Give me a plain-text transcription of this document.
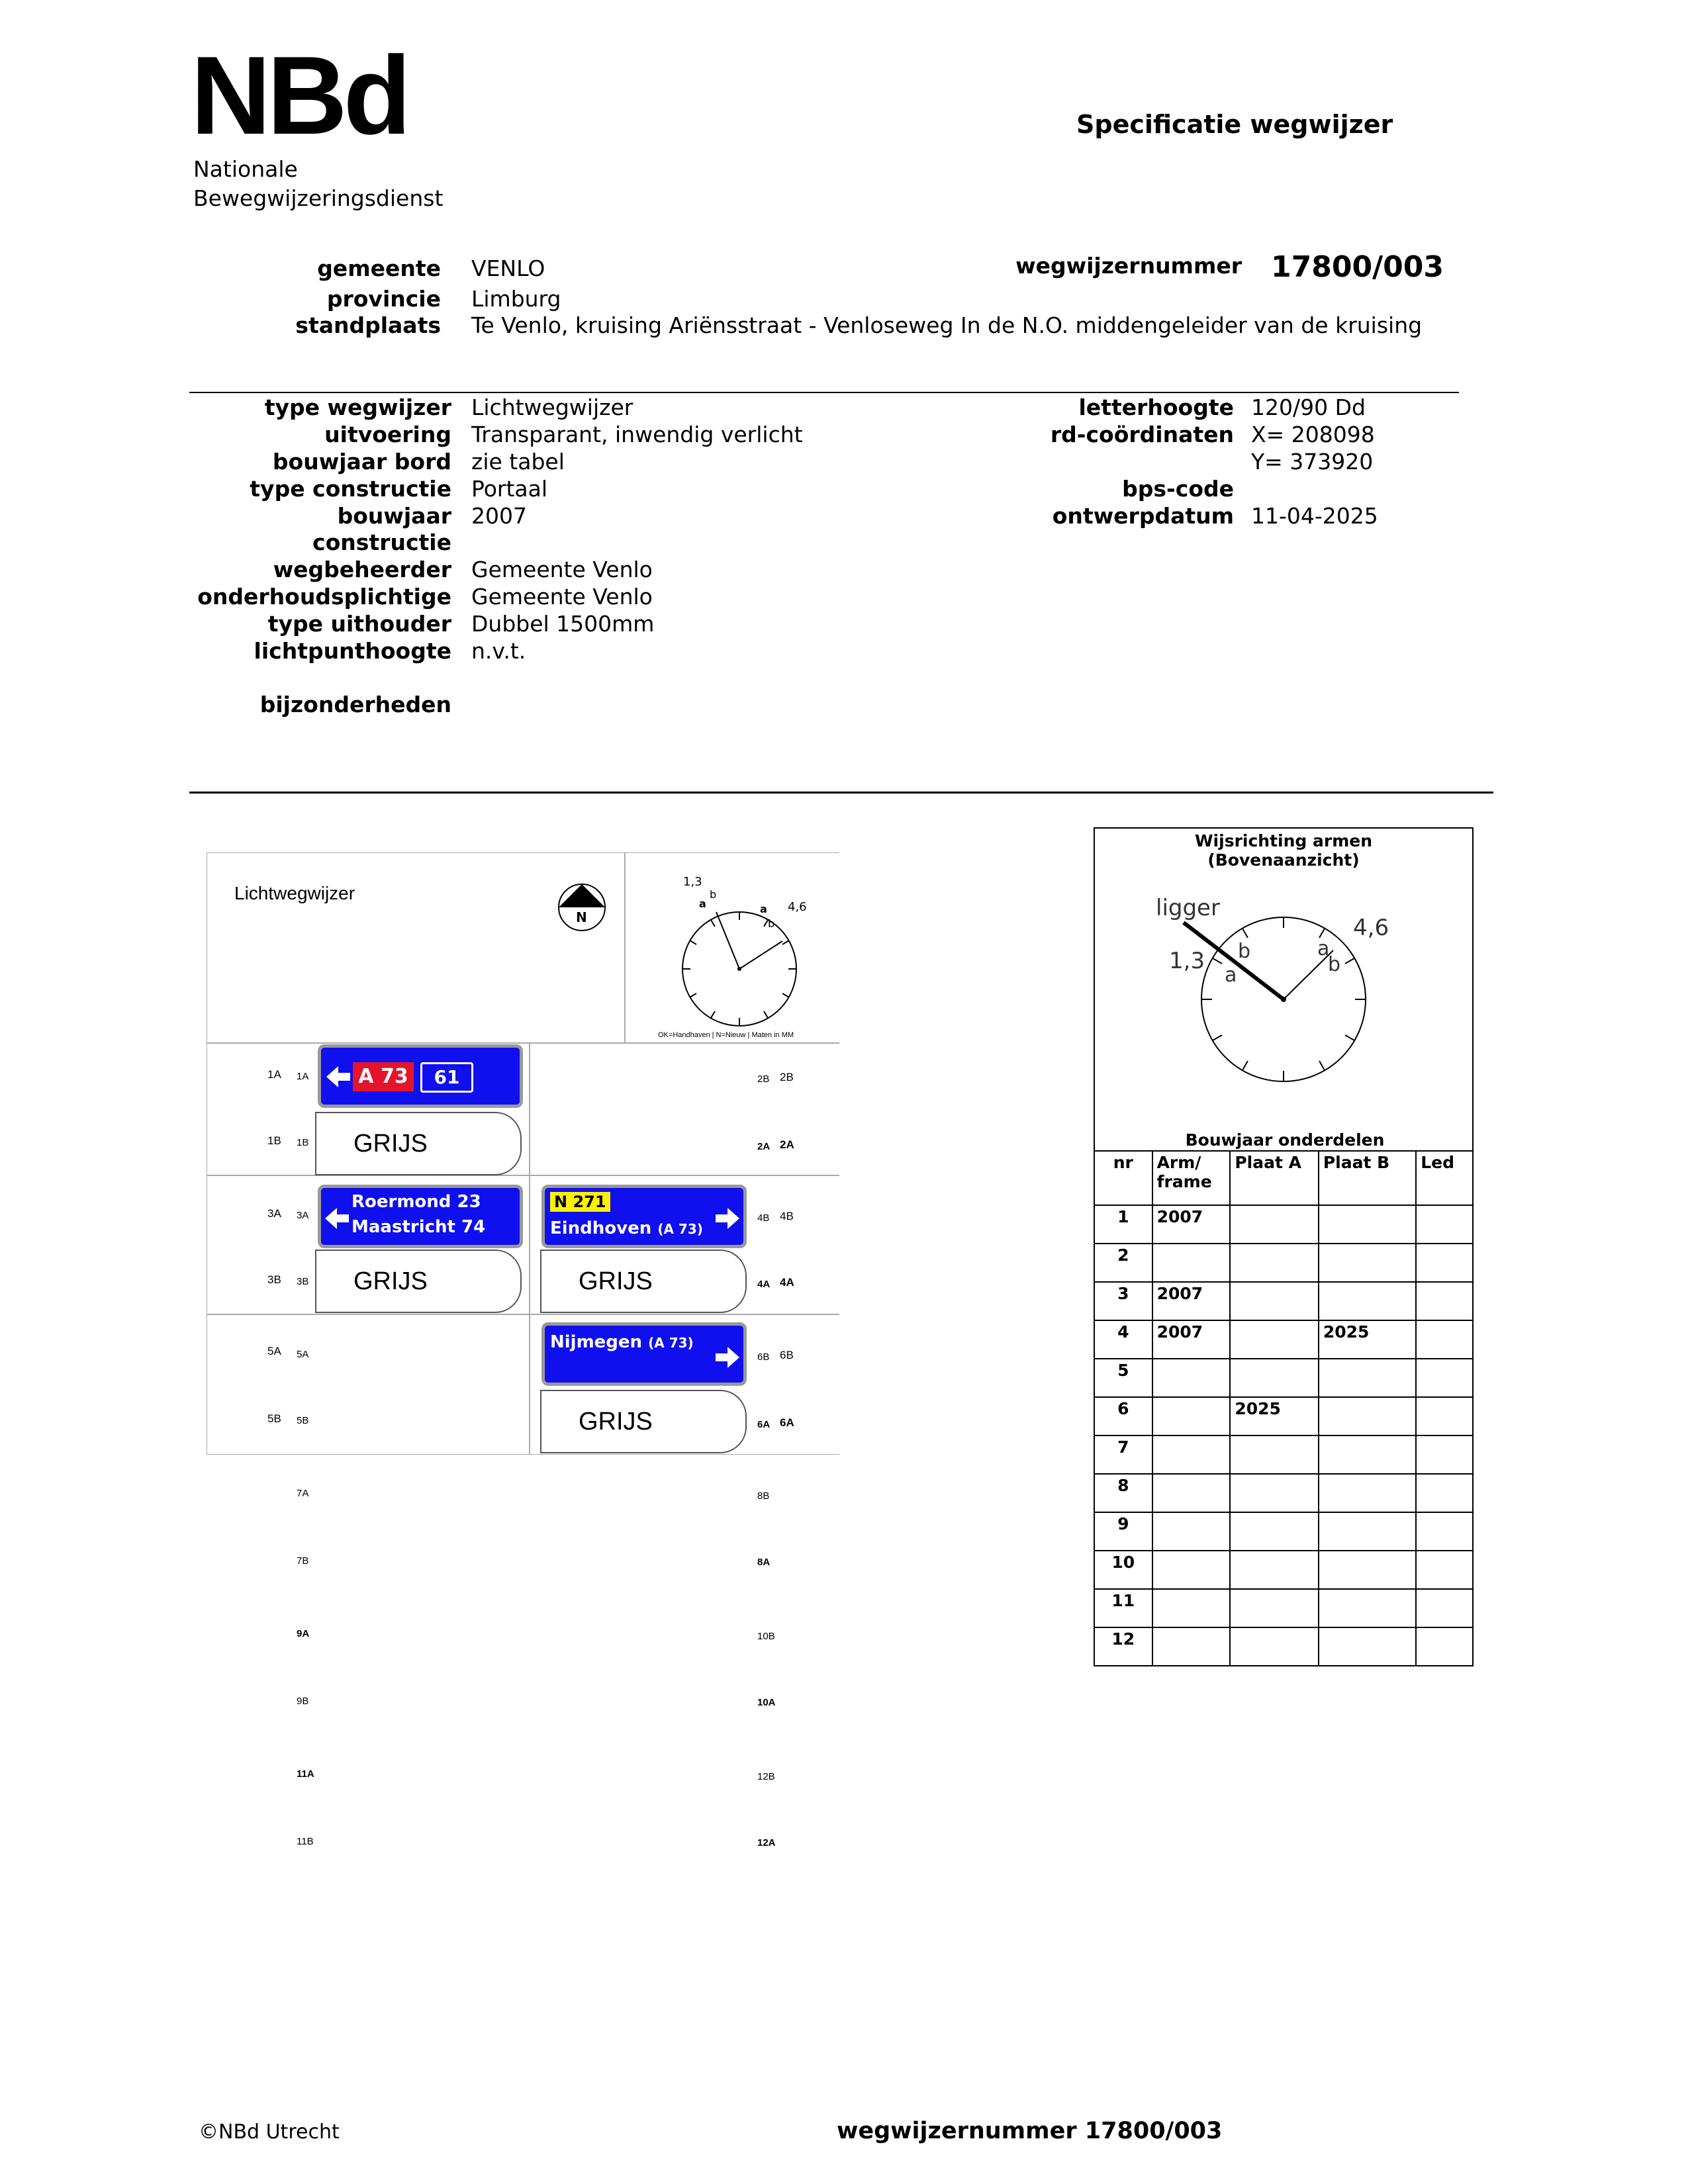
NBd
Nationale
Bewegwijzeringsdienst
Specificatie wegwijzer
gemeente VENLO
provincie Limburg
standplaats Te Venlo, kruising Ariënsstraat - Venloseweg In de N.O. middengeleider van de kruising
wegwijzernummer 17800/003
type wegwijzer Lichtwegwijzer
uitvoering Transparant, inwendig verlicht
bouwjaar bord zie tabel
type constructie Portaal
bouwjaar
constructie
2007
wegbeheerder Gemeente Venlo
onderhoudsplichtige Gemeente Venlo
type uithouder Dubbel 1500mm
lichtpunthoogte n.v.t.
bijzonderheden
letterhoogte 120/90 Dd
rd-coördinaten X= 208098
Y= 373920
bps-code
ontwerpdatum 11-04-2025
Lichtwegwijzer
N
1,3
4,6
a
b
a
b
OK=Handhaven | N=Nieuw | Maten in MM
1A 1A A 73	61
1B 1B	GRIJS
2B 2B
2A 2A
3A 3A
Roermond 23
Maastricht 74
3B 3B	GRIJS
N 271
Eindhoven (A 73)
4B 4B
GRIJS	4A 4A
5A 5A
5B 5B
Nijmegen (A 73)
6B 6B
GRIJS	6A 6A
7A
7B
9A
9B
11A
11B
8B
8A
10B
10A
12B
12A
Wijsrichting armen
(Bovenaanzicht)
ligger
1,3
4,6
a
b	a
b
Bouwjaar onderdelen
nr	Arm/
frame	Plaat A	Plaat B	Led
1	2007			
2				
3	2007			
4	2007		2025	
5				
6		2025		
7				
8				
9				
10				
11				
12				
©NBd Utrecht	wegwijzernummer 17800/003
